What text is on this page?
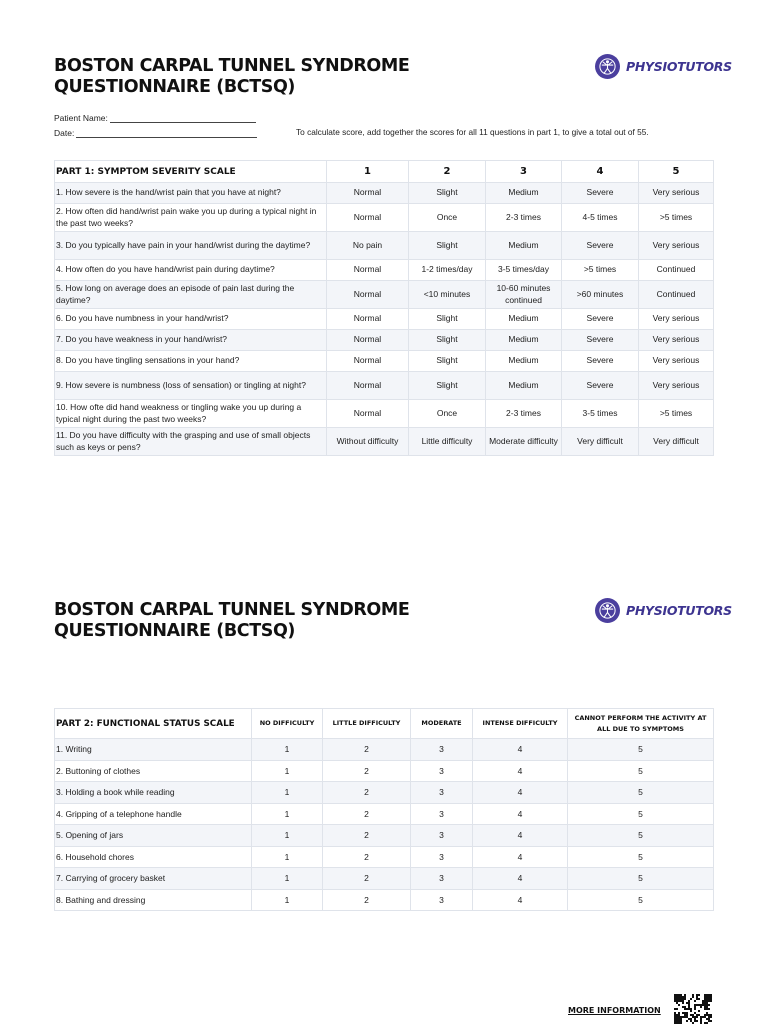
BOSTON CARPAL TUNNEL SYNDROME QUESTIONNAIRE (BCTSQ)
PHYSIOTUTORS
Patient Name:
Date:	To calculate score, add together the scores for all 11 questions in part 1, to give a total out of 55.
PART 1: SYMPTOM SEVERITY SCALE	1	2	3	4	5
1. How severe is the hand/wrist pain that you have at night?	Normal	Slight	Medium	Severe	Very serious
2. How often did hand/wrist pain wake you up during a typical night in the past two weeks?	Normal	Once	2-3 times	4-5 times	>5 times
3. Do you typically have pain in your hand/wrist during the daytime?	No pain	Slight	Medium	Severe	Very serious
4. How often do you have hand/wrist pain during daytime?	Normal	1-2 times/day	3-5 times/day	>5 times	Continued
5. How long on average does an episode of pain last during the daytime?	Normal	<10 minutes	10-60 minutes continued	>60 minutes	Continued
6. Do you have numbness in your hand/wrist?	Normal	Slight	Medium	Severe	Very serious
7. Do you have weakness in your hand/wrist?	Normal	Slight	Medium	Severe	Very serious
8. Do you have tingling sensations in your hand?	Normal	Slight	Medium	Severe	Very serious
9. How severe is numbness (loss of sensation) or tingling at night?	Normal	Slight	Medium	Severe	Very serious
10. How ofte did hand weakness or tingling wake you up during a typical night during the past two weeks?	Normal	Once	2-3 times	3-5 times	>5 times
11. Do you have difficulty with the grasping and use of small objects such as keys or pens?	Without difficulty	Little difficulty	Moderate difficulty	Very difficult	Very difficult
BOSTON CARPAL TUNNEL SYNDROME QUESTIONNAIRE (BCTSQ)
PHYSIOTUTORS
PART 2: FUNCTIONAL STATUS SCALE	NO DIFFICULTY	LITTLE DIFFICULTY	MODERATE	INTENSE DIFFICULTY	CANNOT PERFORM THE ACTIVITY AT ALL DUE TO SYMPTOMS
1. Writing	1	2	3	4	5
2. Buttoning of clothes	1	2	3	4	5
3. Holding a book while reading	1	2	3	4	5
4. Gripping of a telephone handle	1	2	3	4	5
5. Opening of jars	1	2	3	4	5
6. Household chores	1	2	3	4	5
7. Carrying of grocery basket	1	2	3	4	5
8. Bathing and dressing	1	2	3	4	5
MORE INFORMATION
